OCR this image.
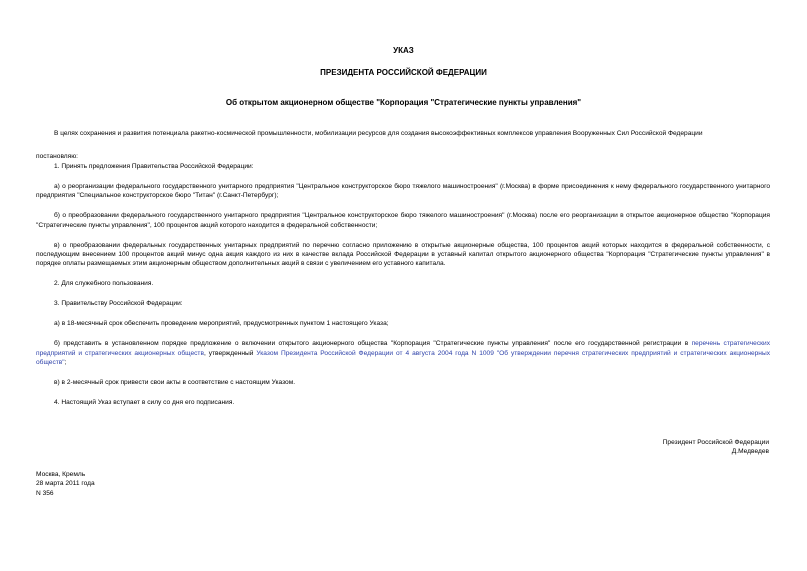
УКАЗ
ПРЕЗИДЕНТА РОССИЙСКОЙ ФЕДЕРАЦИИ
Об открытом акционерном обществе "Корпорация "Стратегические пункты управления"

В целях сохранения и развития потенциала ракетно-космической промышленности, мобилизации ресурсов для создания высокоэффективных комплексов управления Вооруженных Сил Российской Федерации

постановляю:

1. Принять предложения Правительства Российской Федерации:

а) о реорганизации федерального государственного унитарного предприятия "Центральное конструкторское бюро тяжелого машиностроения" (г.Москва) в форме присоединения к нему федерального государственного унитарного предприятия "Специальное конструкторское бюро "Титан" (г.Санкт-Петербург);

б) о преобразовании федерального государственного унитарного предприятия "Центральное конструкторское бюро тяжелого машиностроения" (г.Москва) после его реорганизации в открытое акционерное общество "Корпорация "Стратегические пункты управления", 100 процентов акций которого находится в федеральной собственности;

в) о преобразовании федеральных государственных унитарных предприятий по перечню согласно приложению в открытые акционерные общества, 100 процентов акций которых находится в федеральной собственности, с последующим внесением 100 процентов акций минус одна акция каждого из них в качестве вклада Российской Федерации в уставный капитал открытого акционерного общества "Корпорация "Стратегические пункты управления" в порядке оплаты размещаемых этим акционерным обществом дополнительных акций в связи с увеличением его уставного капитала.

2. Для служебного пользования.

3. Правительству Российской Федерации:

а) в 18-месячный срок обеспечить проведение мероприятий, предусмотренных пунктом 1 настоящего Указа;

б) представить в установленном порядке предложение о включении открытого акционерного общества "Корпорация "Стратегические пункты управления" после его государственной регистрации в перечень стратегических предприятий и стратегических акционерных обществ, утвержденный Указом Президента Российской Федерации от 4 августа 2004 года N 1009 "Об утверждении перечня стратегических предприятий и стратегических акционерных обществ";

в) в 2-месячный срок привести свои акты в соответствие с настоящим Указом.

4. Настоящий Указ вступает в силу со дня его подписания.

Президент Российской Федерации
Д.Медведев
Москва, Кремль
28 марта 2011 года
N 356
